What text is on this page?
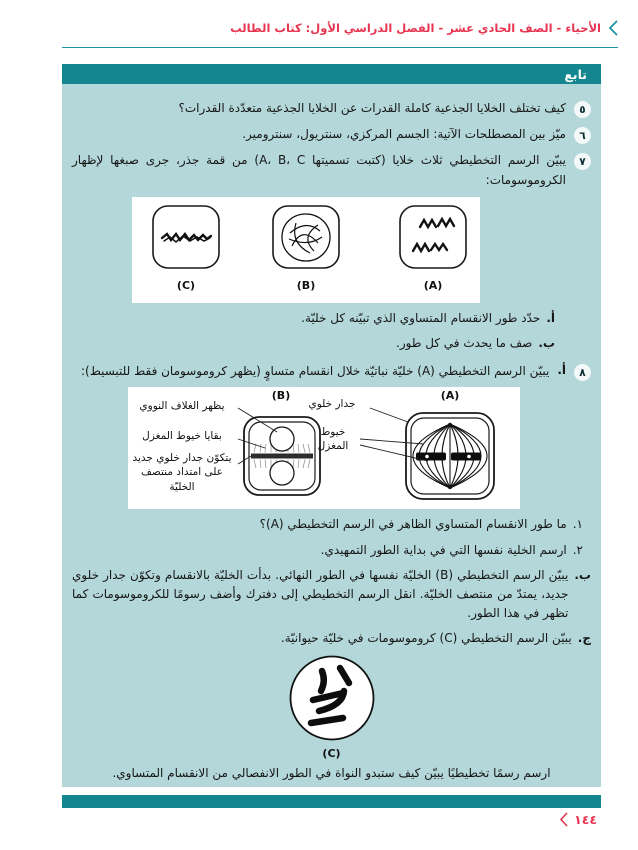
الأحياء - الصف الحادي عشر - الفصل الدراسي الأول: كتاب الطالب
تابع
٥
كيف تختلف الخلايا الجذعية كاملة القدرات عن الخلايا الجذعية متعدّدة القدرات؟
٦
ميّز بين المصطلحات الآتية: الجسم المركزي، سنتريول، سنترومير.
٧
يبيّن الرسم التخطيطي ثلاث خلايا (كتبت تسميتها A، B، C) من قمة جذر، جرى صبغها لإظهار الكروموسومات:
(C)	(B)	(A)
أ.
حدّد طور الانقسام المتساوي الذي تبيّنه كل خليّة.
ب.
صف ما يحدث في كل طور.
٨
أ.
يبيّن الرسم التخطيطي (A) خليّة نباتيّة خلال انقسام متساوٍ (يظهر كروموسومان فقط للتبسيط):
(A)
(B)
جدار خلوي
خيوط المغزل
يظهر الغلاف النووي
بقايا خيوط المغزل
يتكوّن جدار خلوي جديد على امتداد منتصف الخليّة
١.
ما طور الانقسام المتساوي الظاهر في الرسم التخطيطي (A)؟
٢.
ارسم الخلية نفسها التي في بداية الطور التمهيدي.
ب.
يبيّن الرسم التخطيطي (B) الخليّة نفسها في الطور النهائي. بدأت الخليّة بالانقسام وتكوّن جدار خلوي جديد، يمتدّ من منتصف الخليّة. انقل الرسم التخطيطي إلى دفترك وأضف رسومًا للكروموسومات كما تظهر في هذا الطور.
ج.
يبيّن الرسم التخطيطي (C) كروموسومات في خليّة حيوانيّة.
(C)
ارسم رسمًا تخطيطيًا يبيّن كيف ستبدو النواة في الطور الانفصالي من الانقسام المتساوي.
١٤٤
